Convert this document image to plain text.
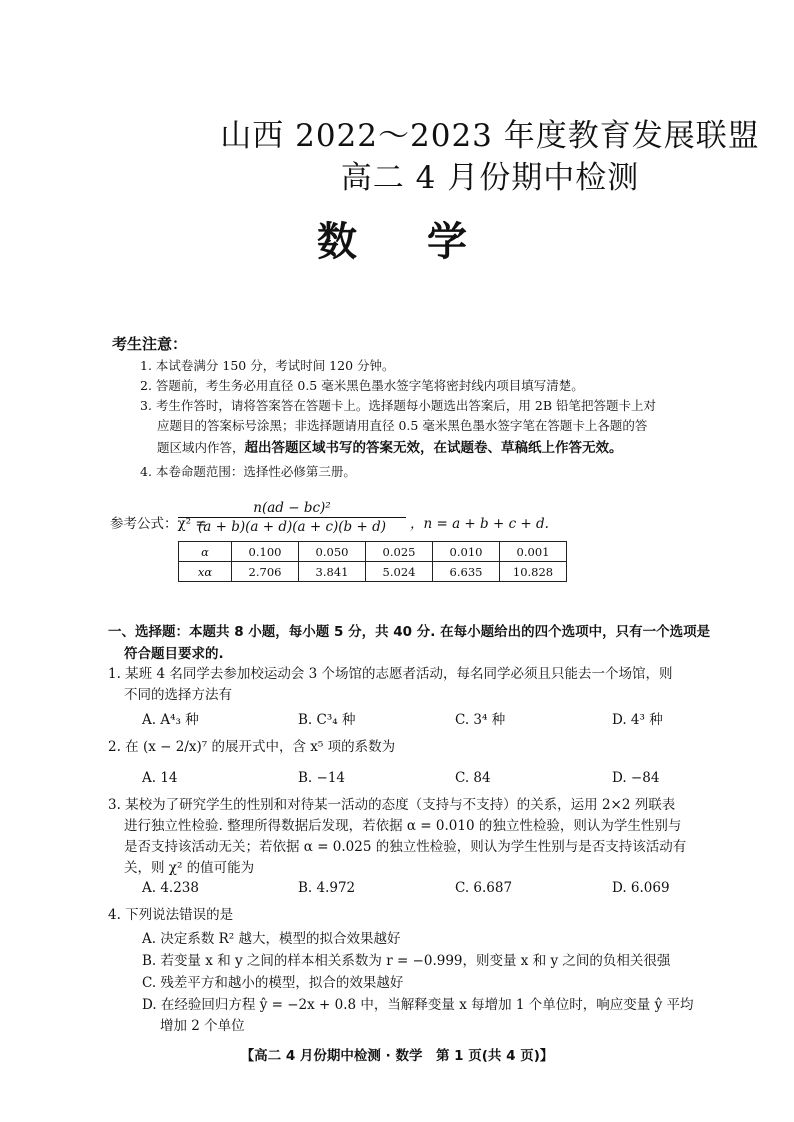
山西 2022～2023 年度教育发展联盟
高二 4 月份期中检测
数学
考生注意：
1. 本试卷满分 150 分，考试时间 120 分钟。
2. 答题前，考生务必用直径 0.5 毫米黑色墨水签字笔将密封线内项目填写清楚。
3. 考生作答时，请将答案答在答题卡上。选择题每小题选出答案后，用 2B 铅笔把答题卡上对
应题目的答案标号涂黑；非选择题请用直径 0.5 毫米黑色墨水签字笔在答题卡上各题的答
题区域内作答，超出答题区域书写的答案无效，在试题卷、草稿纸上作答无效。
4. 本卷命题范围：选择性必修第三册。
参考公式：χ² =
n(ad − bc)²
(a + b)(a + d)(a + c)(b + d)	，n = a + b + c + d.
α	0.100	0.050	0.025	0.010	0.001
xα	2.706	3.841	5.024	6.635	10.828
一、选择题：本题共 8 小题，每小题 5 分，共 40 分. 在每小题给出的四个选项中，只有一个选项是
符合题目要求的.
1. 某班 4 名同学去参加校运动会 3 个场馆的志愿者活动，每名同学必须且只能去一个场馆，则
不同的选择方法有
A. A⁴₃ 种	B. C³₄ 种	C. 3⁴ 种	D. 4³ 种
2. 在 (x − 2/x)⁷ 的展开式中，含 x⁵ 项的系数为
A. 14	B. −14	C. 84	D. −84
3. 某校为了研究学生的性别和对待某一活动的态度（支持与不支持）的关系，运用 2×2 列联表
进行独立性检验. 整理所得数据后发现，若依据 α = 0.010 的独立性检验，则认为学生性别与
是否支持该活动无关；若依据 α = 0.025 的独立性检验，则认为学生性别与是否支持该活动有
关，则 χ² 的值可能为
A. 4.238	B. 4.972	C. 6.687	D. 6.069
4. 下列说法错误的是
A. 决定系数 R² 越大，模型的拟合效果越好
B. 若变量 x 和 y 之间的样本相关系数为 r = −0.999，则变量 x 和 y 之间的负相关很强
C. 残差平方和越小的模型，拟合的效果越好
D. 在经验回归方程 ŷ = −2x + 0.8 中，当解释变量 x 每增加 1 个单位时，响应变量 ŷ 平均
增加 2 个单位
【高二 4 月份期中检测 · 数学　第 1 页(共 4 页)】
